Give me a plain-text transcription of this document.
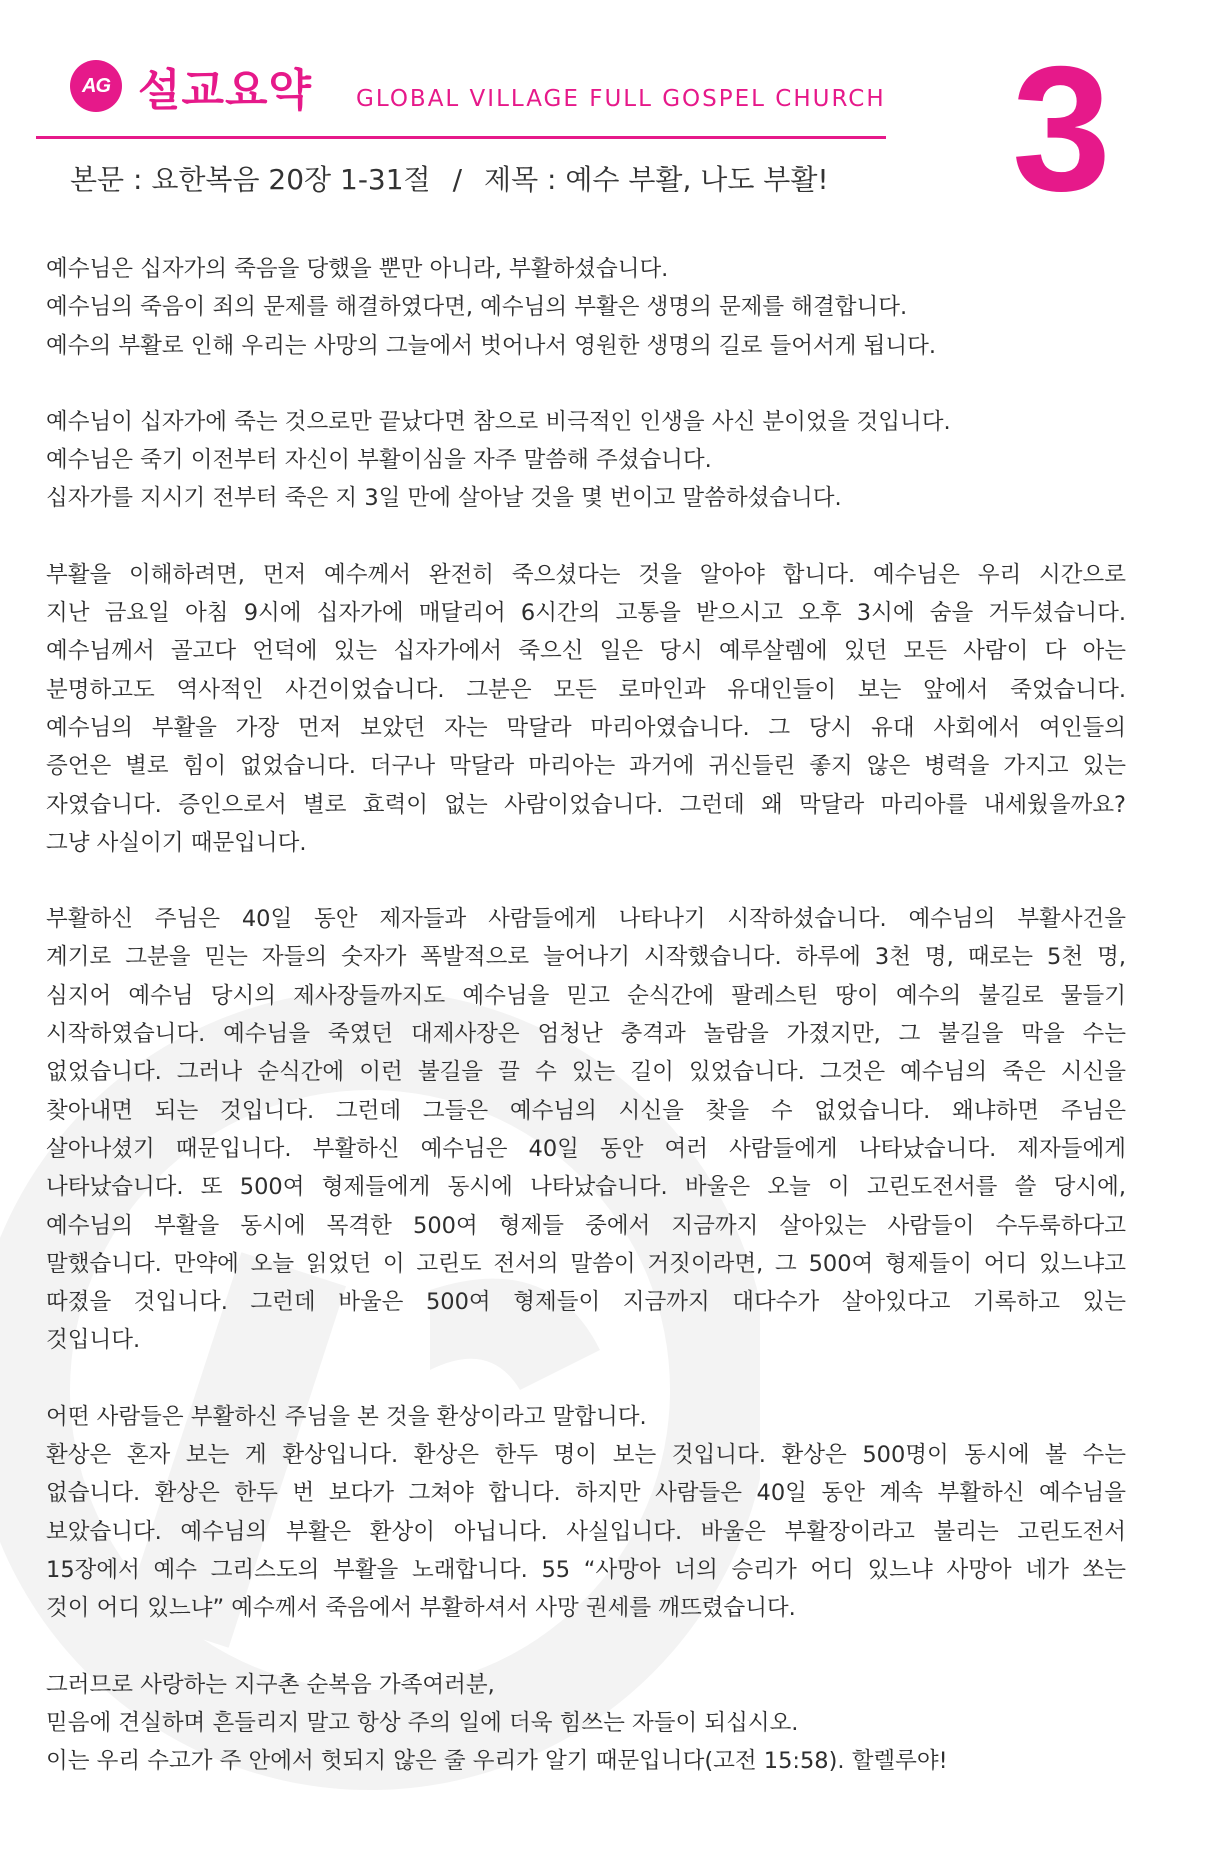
AG 설교요약 GLOBAL VILLAGE FULL GOSPEL CHURCH 3
본문 : 요한복음 20장 1-31절 / 제목 : 예수 부활, 나도 부활!
예수님은 십자가의 죽음을 당했을 뿐만 아니라, 부활하셨습니다.
예수님의 죽음이 죄의 문제를 해결하였다면, 예수님의 부활은 생명의 문제를 해결합니다.
예수의 부활로 인해 우리는 사망의 그늘에서 벗어나서 영원한 생명의 길로 들어서게 됩니다.
예수님이 십자가에 죽는 것으로만 끝났다면 참으로 비극적인 인생을 사신 분이었을 것입니다.
예수님은 죽기 이전부터 자신이 부활이심을 자주 말씀해 주셨습니다.
십자가를 지시기 전부터 죽은 지 3일 만에 살아날 것을 몇 번이고 말씀하셨습니다.
부활을 이해하려면, 먼저 예수께서 완전히 죽으셨다는 것을 알아야 합니다. 예수님은 우리 시간으로
지난 금요일 아침 9시에 십자가에 매달리어 6시간의 고통을 받으시고 오후 3시에 숨을 거두셨습니다.
예수님께서 골고다 언덕에 있는 십자가에서 죽으신 일은 당시 예루살렘에 있던 모든 사람이 다 아는
분명하고도 역사적인 사건이었습니다. 그분은 모든 로마인과 유대인들이 보는 앞에서 죽었습니다.
예수님의 부활을 가장 먼저 보았던 자는 막달라 마리아였습니다. 그 당시 유대 사회에서 여인들의
증언은 별로 힘이 없었습니다. 더구나 막달라 마리아는 과거에 귀신들린 좋지 않은 병력을 가지고 있는
자였습니다. 증인으로서 별로 효력이 없는 사람이었습니다. 그런데 왜 막달라 마리아를 내세웠을까요?
그냥 사실이기 때문입니다.
부활하신 주님은 40일 동안 제자들과 사람들에게 나타나기 시작하셨습니다. 예수님의 부활사건을
계기로 그분을 믿는 자들의 숫자가 폭발적으로 늘어나기 시작했습니다. 하루에 3천 명, 때로는 5천 명,
심지어 예수님 당시의 제사장들까지도 예수님을 믿고 순식간에 팔레스틴 땅이 예수의 불길로 물들기
시작하였습니다. 예수님을 죽였던 대제사장은 엄청난 충격과 놀람을 가졌지만, 그 불길을 막을 수는
없었습니다. 그러나 순식간에 이런 불길을 끌 수 있는 길이 있었습니다. 그것은 예수님의 죽은 시신을
찾아내면 되는 것입니다. 그런데 그들은 예수님의 시신을 찾을 수 없었습니다. 왜냐하면 주님은
살아나셨기 때문입니다. 부활하신 예수님은 40일 동안 여러 사람들에게 나타났습니다. 제자들에게
나타났습니다. 또 500여 형제들에게 동시에 나타났습니다. 바울은 오늘 이 고린도전서를 쓸 당시에,
예수님의 부활을 동시에 목격한 500여 형제들 중에서 지금까지 살아있는 사람들이 수두룩하다고
말했습니다. 만약에 오늘 읽었던 이 고린도 전서의 말씀이 거짓이라면, 그 500여 형제들이 어디 있느냐고
따졌을 것입니다. 그런데 바울은 500여 형제들이 지금까지 대다수가 살아있다고 기록하고 있는
것입니다.
어떤 사람들은 부활하신 주님을 본 것을 환상이라고 말합니다.
환상은 혼자 보는 게 환상입니다. 환상은 한두 명이 보는 것입니다. 환상은 500명이 동시에 볼 수는
없습니다. 환상은 한두 번 보다가 그쳐야 합니다. 하지만 사람들은 40일 동안 계속 부활하신 예수님을
보았습니다. 예수님의 부활은 환상이 아닙니다. 사실입니다. 바울은 부활장이라고 불리는 고린도전서
15장에서 예수 그리스도의 부활을 노래합니다. 55 “사망아 너의 승리가 어디 있느냐 사망아 네가 쏘는
것이 어디 있느냐” 예수께서 죽음에서 부활하셔서 사망 권세를 깨뜨렸습니다.
그러므로 사랑하는 지구촌 순복음 가족여러분,
믿음에 견실하며 흔들리지 말고 항상 주의 일에 더욱 힘쓰는 자들이 되십시오.
이는 우리 수고가 주 안에서 헛되지 않은 줄 우리가 알기 때문입니다(고전 15:58). 할렐루야!
